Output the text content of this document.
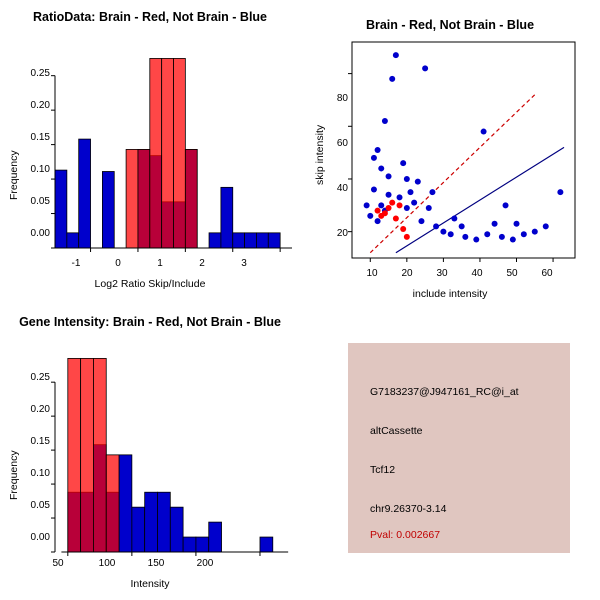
RatioData: Brain - Red, Not Brain - Blue
Frequency
Log2 Ratio Skip/Include
0.00
0.05
0.10
0.15
0.20
0.25
-1	0	1	2	3
Brain - Red, Not Brain - Blue
skip intensity
include intensity
20
40
60
80
10	20	30	40	50	60
Gene Intensity: Brain - Red, Not Brain - Blue
Frequency
Intensity
0.00
0.05
0.10
0.15
0.20
0.25
50	100	150	200
G7183237@J947161_RC@i_at
altCassette
Tcf12
chr9.26370-3.14
Pval: 0.002667
